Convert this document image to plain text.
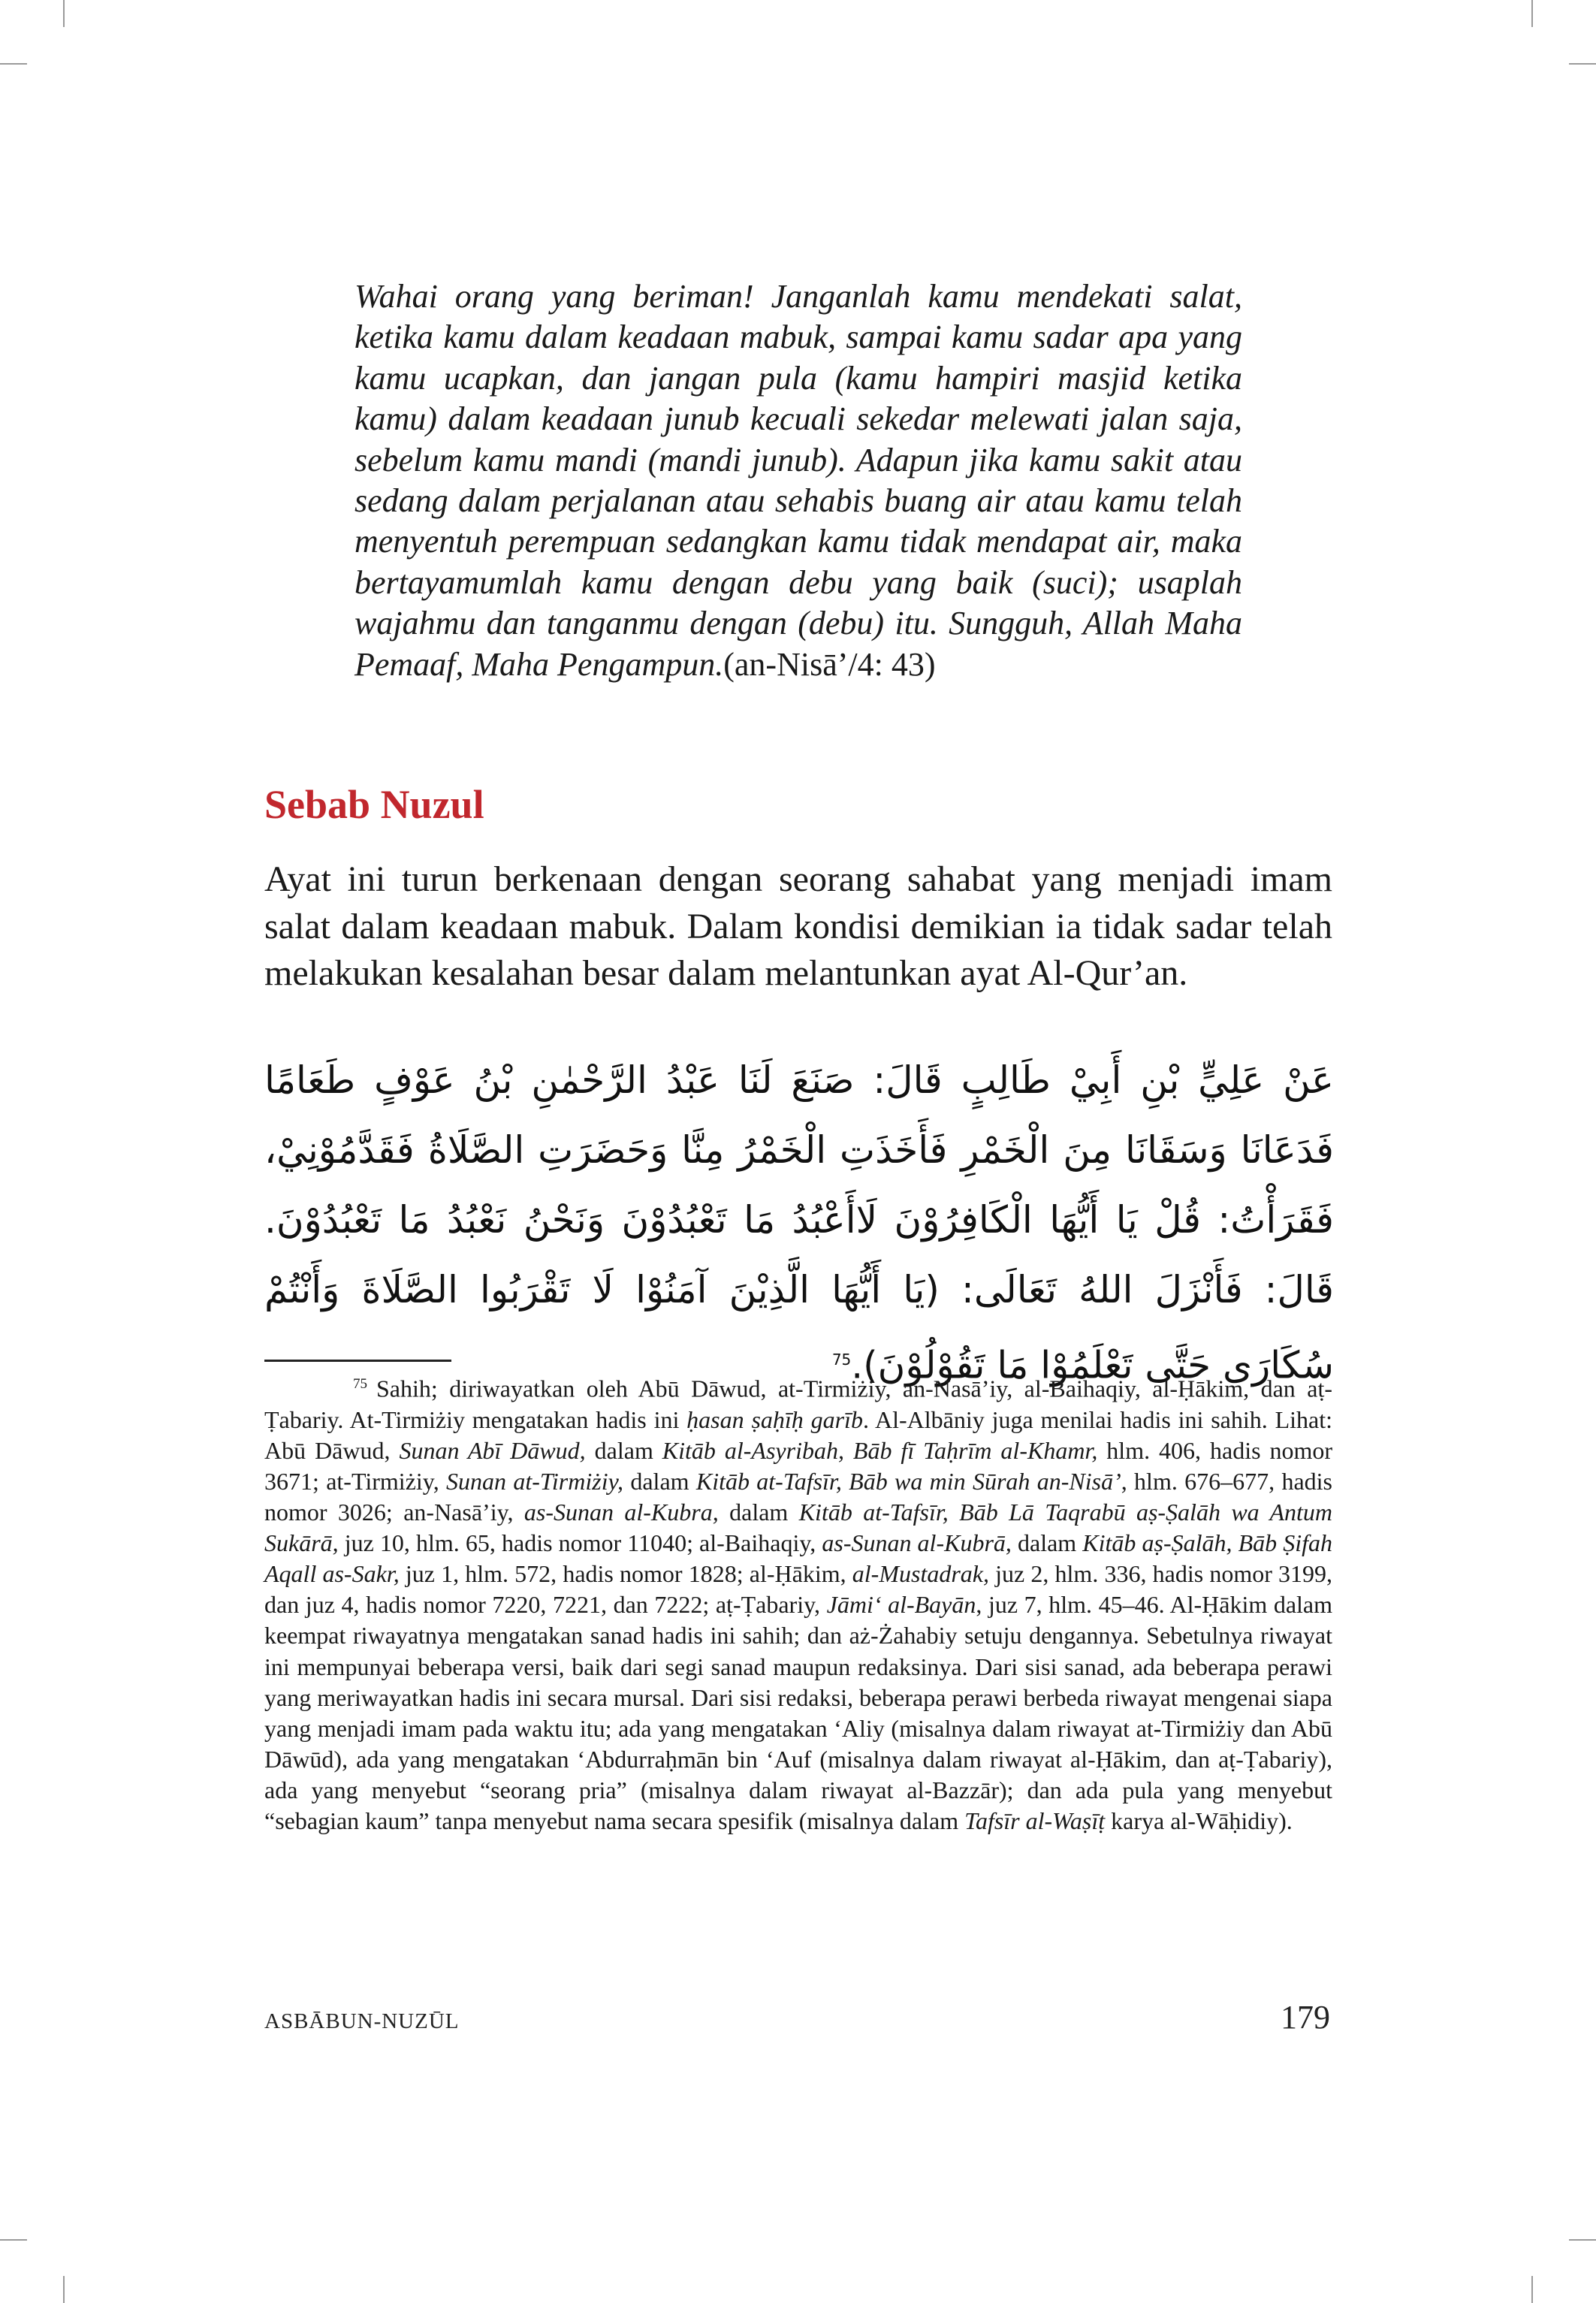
Wahai orang yang beriman! Janganlah kamu mendekati salat, ketika kamu dalam keadaan mabuk, sampai kamu sadar apa yang kamu ucapkan, dan jangan pula (kamu hampiri masjid ketika kamu) dalam keadaan junub kecuali sekedar melewati jalan saja, sebelum kamu mandi (mandi junub). Adapun jika kamu sakit atau sedang dalam perjalanan atau sehabis buang air atau kamu telah menyentuh perempuan sedangkan kamu tidak mendapat air, maka bertayamumlah kamu dengan debu yang baik (suci); usaplah wajahmu dan tanganmu dengan (debu) itu. Sungguh, Allah Maha Pemaaf, Maha Pengampun.(an-Nisā’/4: 43)
Sebab Nuzul

Ayat ini turun berkenaan dengan seorang sahabat yang menjadi imam salat dalam keadaan mabuk. Dalam kondisi demikian ia tidak sadar telah melakukan kesalahan besar dalam melantunkan ayat Al-Qur’an.

عَنْ عَلِيٍّ بْنِ أَبِيْ طَالِبٍ قَالَ: صَنَعَ لَنَا عَبْدُ الرَّحْمٰنِ بْنُ عَوْفٍ طَعَامًا فَدَعَانَا وَسَقَانَا مِنَ الْخَمْرِ فَأَخَذَتِ الْخَمْرُ مِنَّا وَحَضَرَتِ الصَّلَاةُ فَقَدَّمُوْنِيْ، فَقَرَأْتُ: قُلْ يَا أَيُّهَا الْكَافِرُوْنَ لَاأَعْبُدُ مَا تَعْبُدُوْنَ وَنَحْنُ نَعْبُدُ مَا تَعْبُدُوْنَ. قَالَ: فَأَنْزَلَ اللهُ تَعَالَى: (يَا أَيُّهَا الَّذِيْنَ آمَنُوْا لَا تَقْرَبُوا الصَّلَاةَ وَأَنْتُمْ سُكَارَى حَتَّى تَعْلَمُوْا مَا تَقُوْلُوْنَ).$^{75}$

$^{75}$ Sahih; diriwayatkan oleh Abū Dāwud, at-Tirmiżiy, an-Nasā’iy, al-Baihaqiy, al-Ḥākim, dan aṭ-Ṭabariy. At-Tirmiżiy mengatakan hadis ini ḥasan ṣaḥīḥ garīb. Al-Albāniy juga menilai hadis ini sahih. Lihat: Abū Dāwud, Sunan Abī Dāwud, dalam Kitāb al-Asyribah, Bāb fī Taḥrīm al-Khamr, hlm. 406, hadis nomor 3671; at-Tirmiżiy, Sunan at-Tirmiżiy, dalam Kitāb at-Tafsīr, Bāb wa min Sūrah an-Nisā’, hlm. 676–677, hadis nomor 3026; an-Nasā’iy, as-Sunan al-Kubra, dalam Kitāb at-Tafsīr, Bāb Lā Taqrabū aṣ-Ṣalāh wa Antum Sukārā, juz 10, hlm. 65, hadis nomor 11040; al-Baihaqiy, as-Sunan al-Kubrā, dalam Kitāb aṣ-Ṣalāh, Bāb Ṣifah Aqall as-Sakr, juz 1, hlm. 572, hadis nomor 1828; al-Ḥākim, al-Mustadrak, juz 2, hlm. 336, hadis nomor 3199, dan juz 4, hadis nomor 7220, 7221, dan 7222; aṭ-Ṭabariy, Jāmi‘ al-Bayān, juz 7, hlm. 45–46. Al-Ḥākim dalam keempat riwayatnya mengatakan sanad hadis ini sahih; dan aż-Żahabiy setuju dengannya. Sebetulnya riwayat ini mempunyai beberapa versi, baik dari segi sanad maupun redaksinya. Dari sisi sanad, ada beberapa perawi yang meriwayatkan hadis ini secara mursal. Dari sisi redaksi, beberapa perawi berbeda riwayat mengenai siapa yang menjadi imam pada waktu itu; ada yang mengatakan ‘Aliy (misalnya dalam riwayat at-Tirmiżiy dan Abū Dāwūd), ada yang mengatakan ‘Abdurraḥmān bin ‘Auf (misalnya dalam riwayat al-Ḥākim, dan aṭ-Ṭabariy), ada yang menyebut “seorang pria” (misalnya dalam riwayat al-Bazzār); dan ada pula yang menyebut “sebagian kaum” tanpa menyebut nama secara spesifik (misalnya dalam Tafsīr al-Waṣīṭ karya al-Wāḥidiy).

ASBĀBUN-NUZŪL	179
